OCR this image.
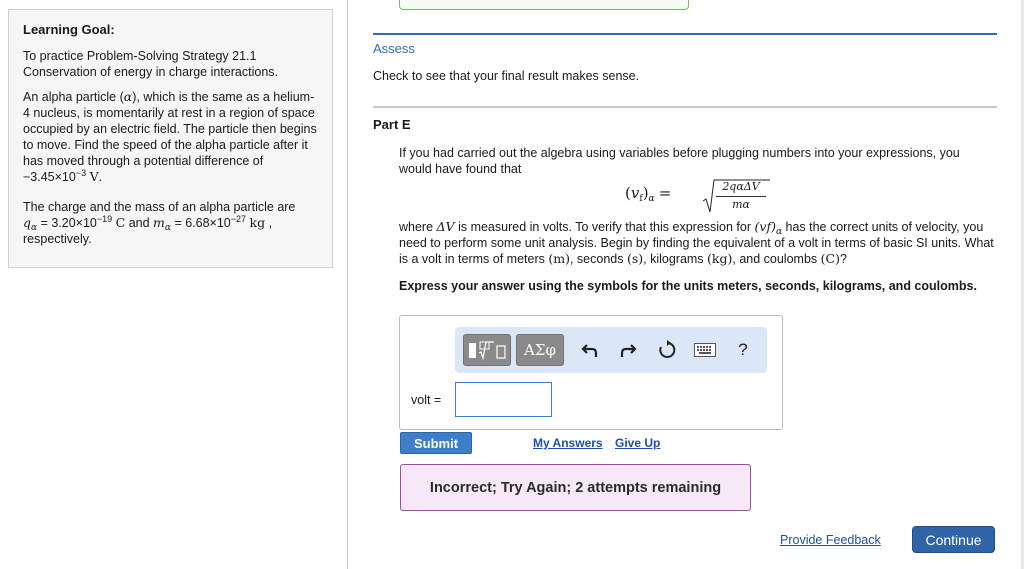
Learning Goal:

To practice Problem-Solving Strategy 21.1 Conservation of energy in charge interactions.

An alpha particle (α), which is the same as a helium-4 nucleus, is momentarily at rest in a region of space occupied by an electric field. The particle then begins to move. Find the speed of the alpha particle after it has moved through a potential difference of $-3.45\times 10^{-3}$ V.

The charge and the mass of an alpha particle are
$q_\alpha = 3.20\times 10^{-19}$ C and $m_\alpha = 6.68\times 10^{-27}$ kg ,
respectively.

Assess
Check to see that your final result makes sense.
Part E

If you had carried out the algebra using variables before plugging numbers into your expressions, you would have found that

$(v_f)_\alpha$ =	2qαΔV
mα

where ΔV is measured in volts. To verify that this expression for $(vf)_\alpha$ has the correct units of velocity, you need to perform some unit analysis. Begin by finding the equivalent of a volt in terms of basic SI units. What is a volt in terms of meters (m), seconds (s), kilograms (kg), and coulombs (C)?

Express your answer using the symbols for the units meters, seconds, kilograms, and coulombs.

ΑΣφ	?
volt =
Submit	My Answers Give Up
Incorrect; Try Again; 2 attempts remaining
Provide Feedback	Continue
